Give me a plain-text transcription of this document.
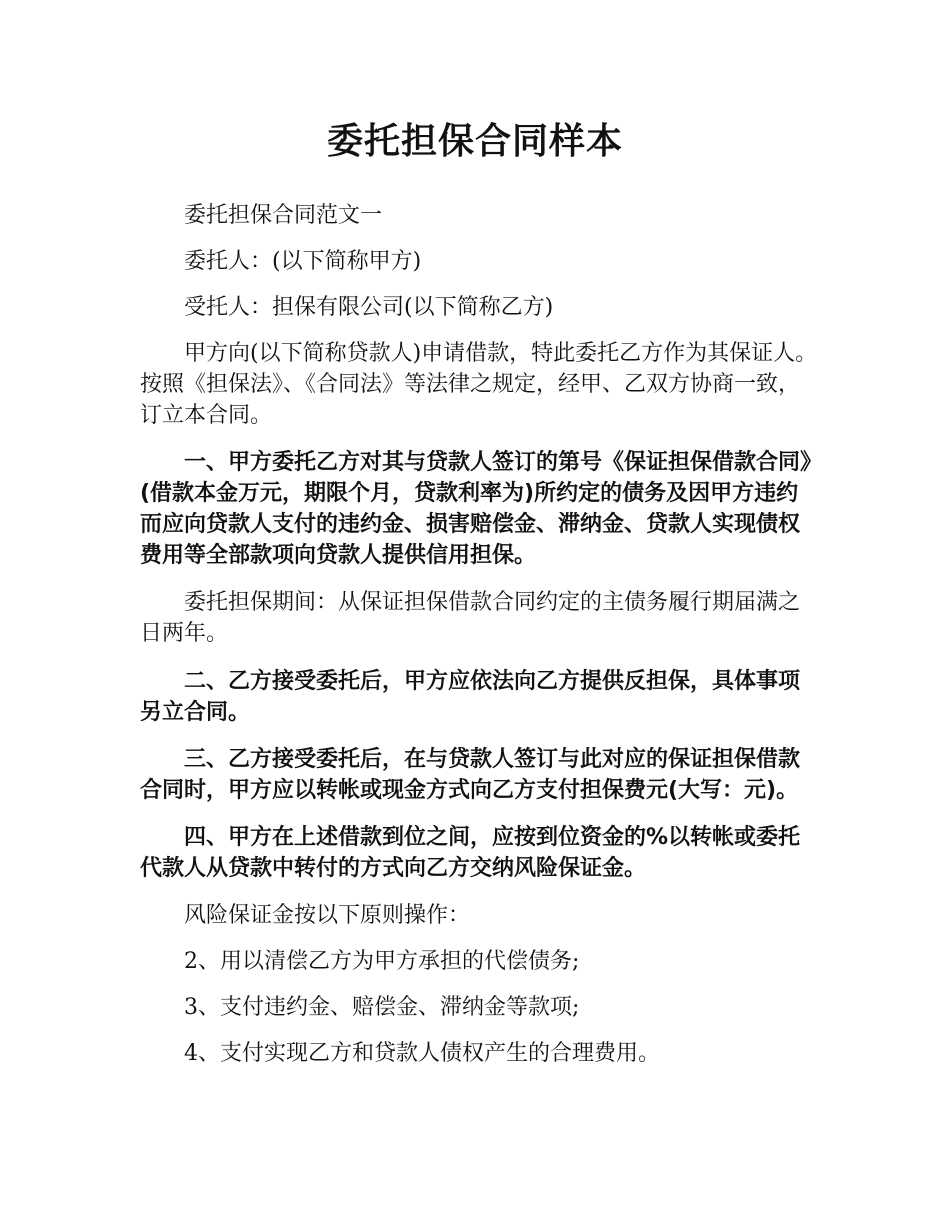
委托担保合同样本

委托担保合同范文一

委托人：(以下简称甲方)

受托人：担保有限公司(以下简称乙方)

甲方向(以下简称贷款人)申请借款，特此委托乙方作为其保证人。按照《担保法》、《合同法》等法律之规定，经甲、乙双方协商一致，订立本合同。

一、甲方委托乙方对其与贷款人签订的第号《保证担保借款合同》(借款本金万元，期限个月，贷款利率为)所约定的债务及因甲方违约而应向贷款人支付的违约金、损害赔偿金、滞纳金、贷款人实现债权费用等全部款项向贷款人提供信用担保。

委托担保期间：从保证担保借款合同约定的主债务履行期届满之日两年。

二、乙方接受委托后，甲方应依法向乙方提供反担保，具体事项另立合同。

三、乙方接受委托后，在与贷款人签订与此对应的保证担保借款合同时，甲方应以转帐或现金方式向乙方支付担保费元(大写：元)。

四、甲方在上述借款到位之间，应按到位资金的%以转帐或委托代款人从贷款中转付的方式向乙方交纳风险保证金。

风险保证金按以下原则操作：

2、用以清偿乙方为甲方承担的代偿债务;

3、支付违约金、赔偿金、滞纳金等款项;

4、支付实现乙方和贷款人债权产生的合理费用。
